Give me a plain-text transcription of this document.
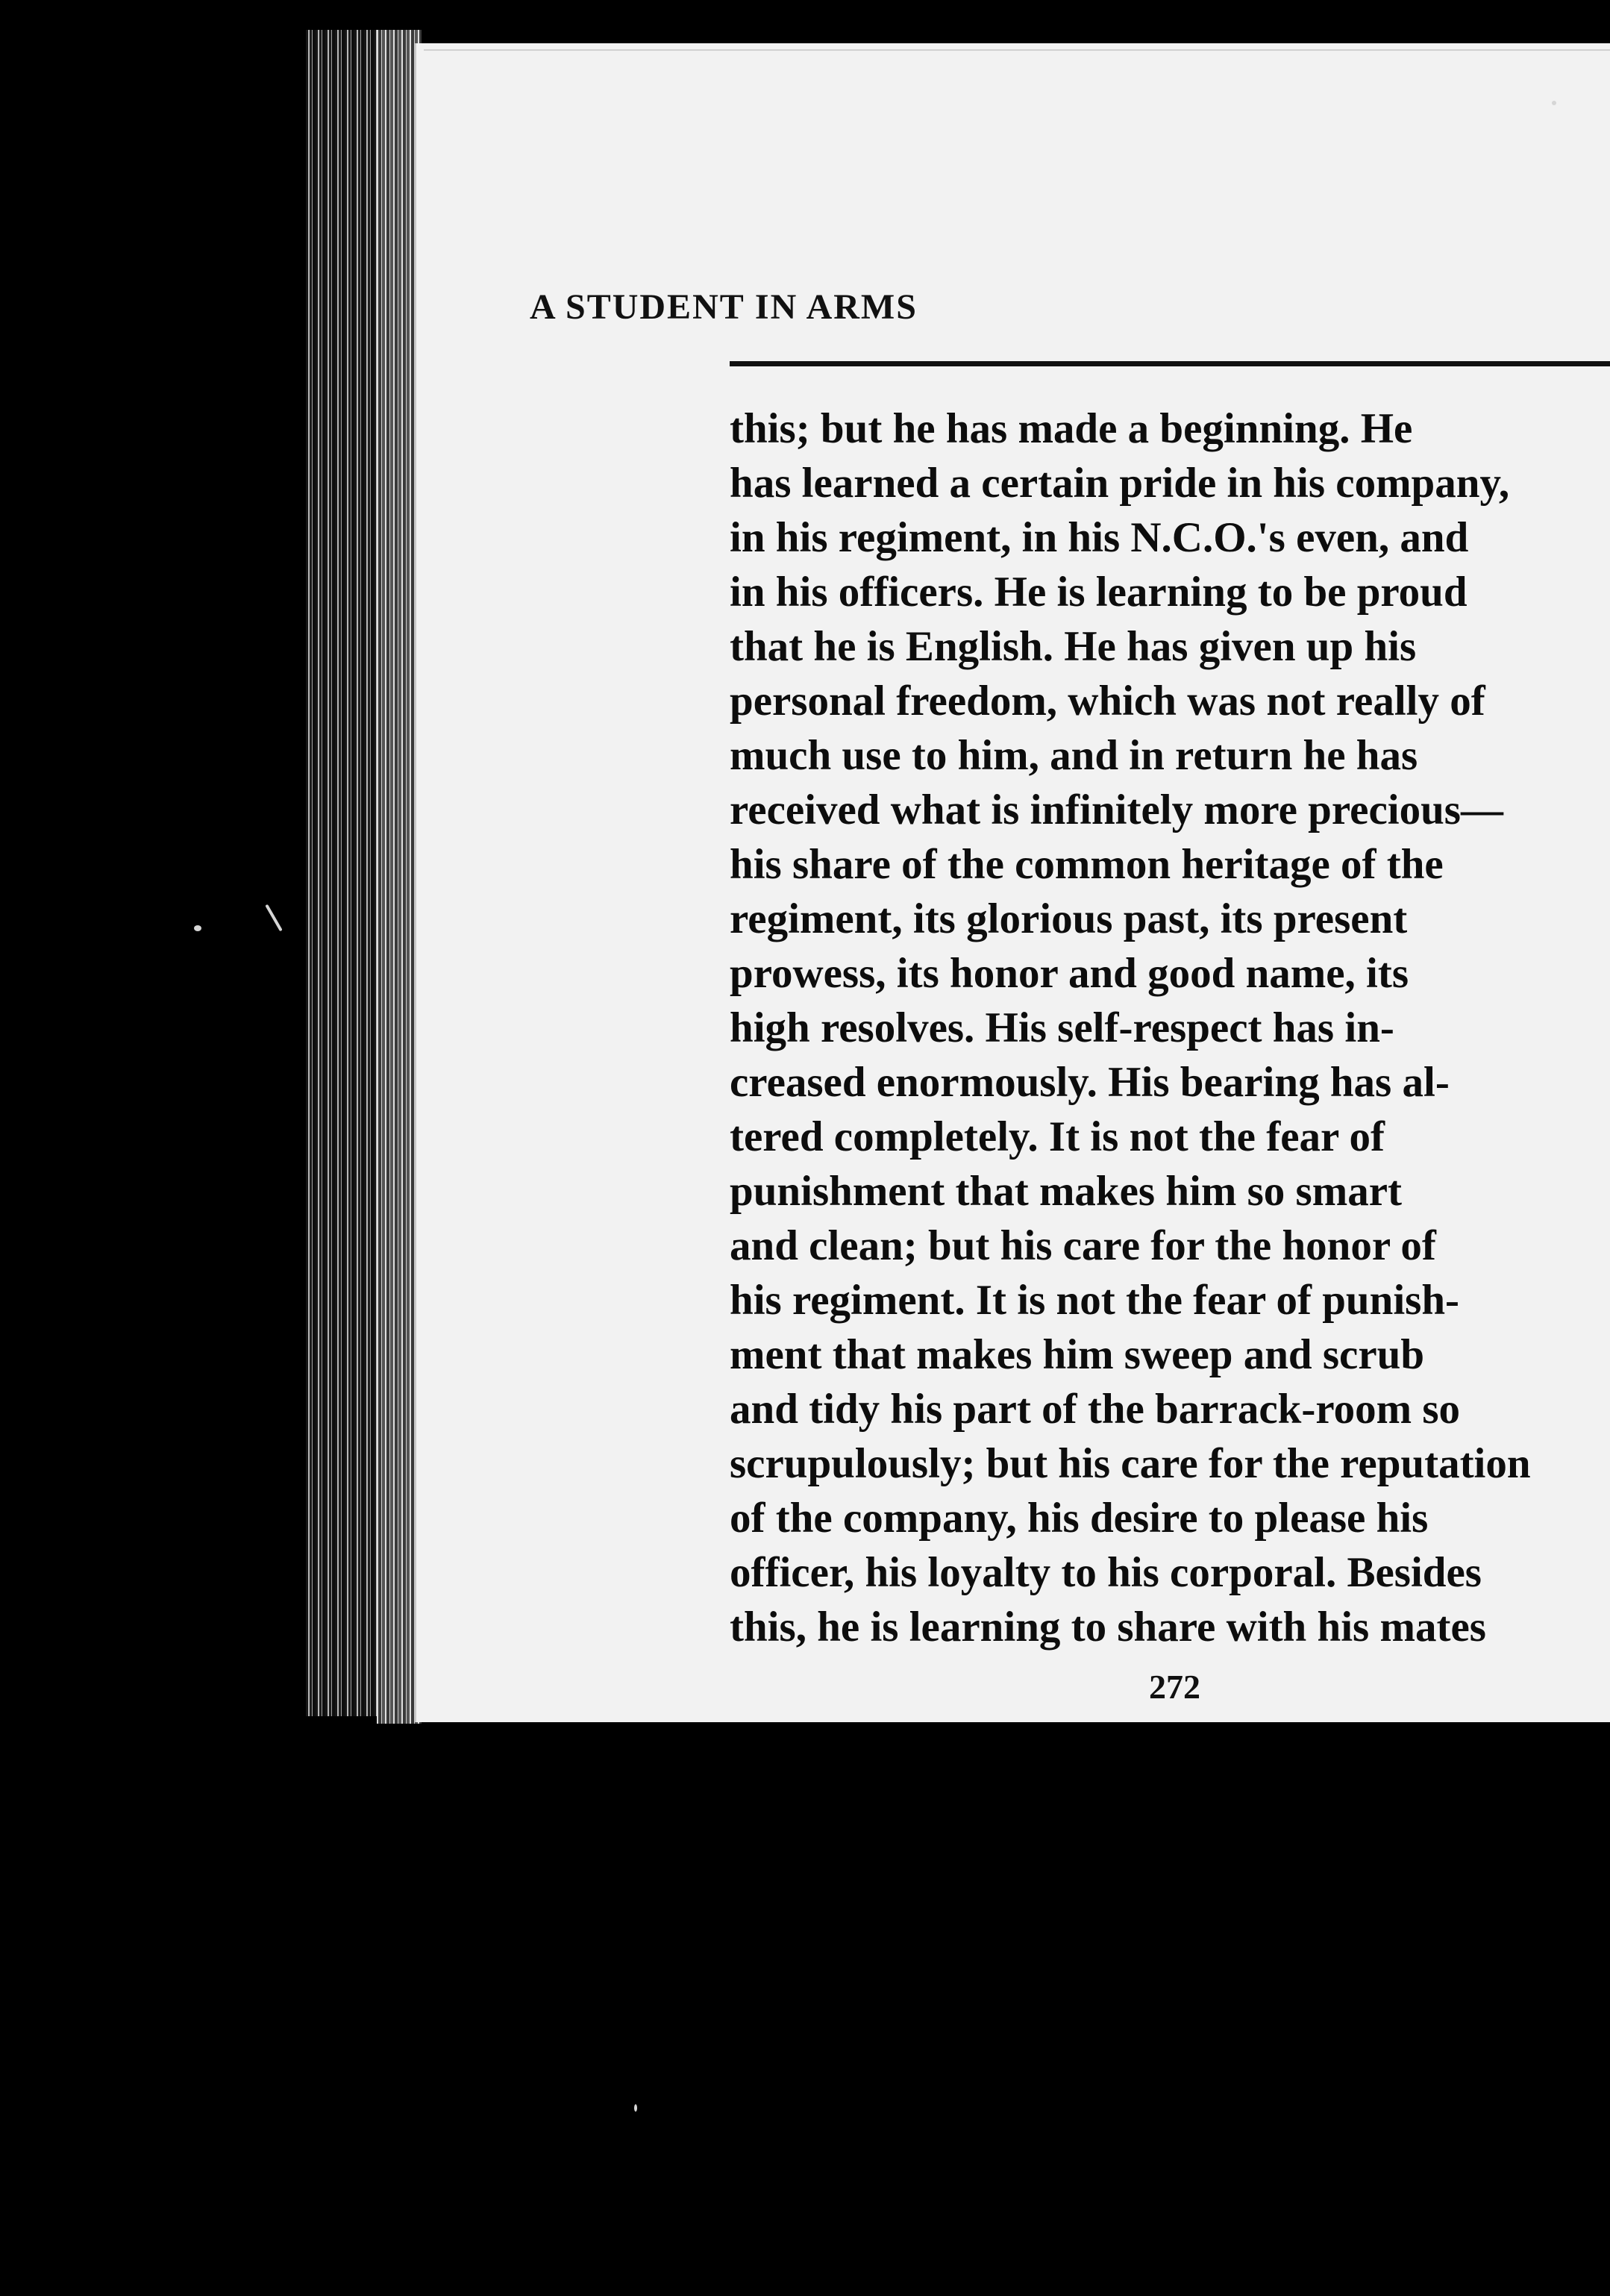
A STUDENT IN ARMS
this; but he has made a beginning. He
has learned a certain pride in his company,
in his regiment, in his N.C.O.'s even, and
in his officers. He is learning to be proud
that he is English. He has given up his
personal freedom, which was not really of
much use to him, and in return he has
received what is infinitely more precious—
his share of the common heritage of the
regiment, its glorious past, its present
prowess, its honor and good name, its
high resolves. His self-respect has in-
creased enormously. His bearing has al-
tered completely. It is not the fear of
punishment that makes him so smart
and clean; but his care for the honor of
his regiment. It is not the fear of punish-
ment that makes him sweep and scrub
and tidy his part of the barrack-room so
scrupulously; but his care for the reputation
of the company, his desire to please his
officer, his loyalty to his corporal. Besides
this, he is learning to share with his mates
272
